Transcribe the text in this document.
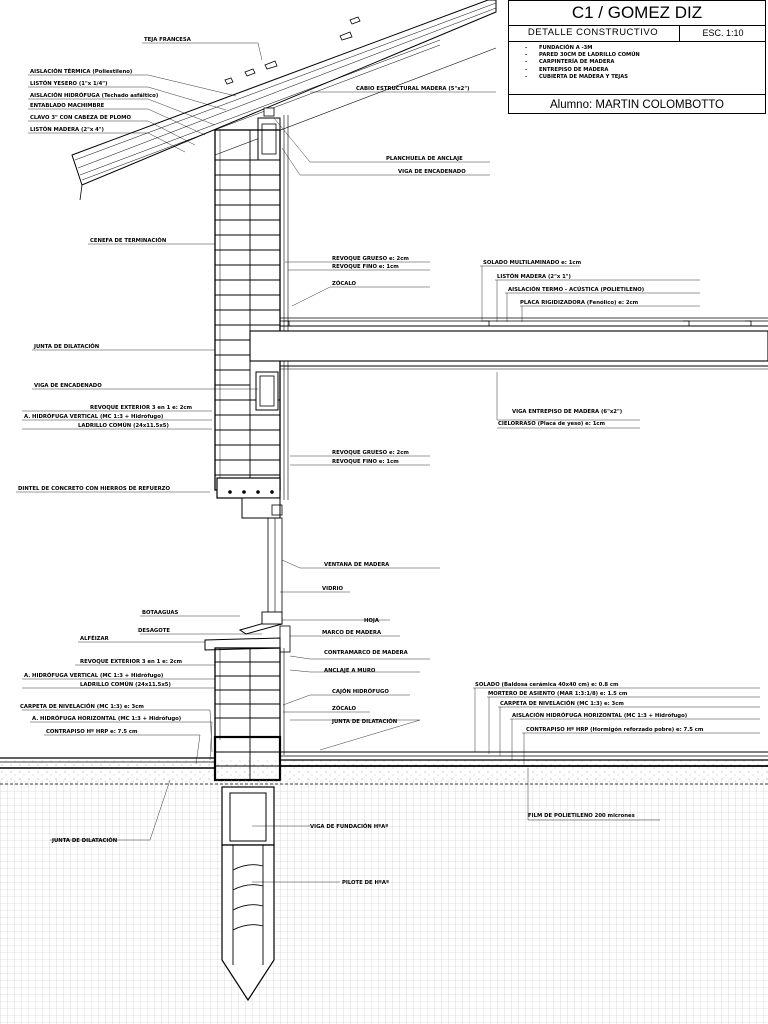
TEJA FRANCESA
AISLACIÓN TÉRMICA (Poliestileno)
LISTÓN YESERO (1"x 1/4")
AISLACIÓN HIDRÓFUGA (Techado asfáltico)
ENTABLADO MACHIMBRE
CLAVO 3" CON CABEZA DE PLOMO
LISTÓN MADERA (2"x 4")
CABIO ESTRUCTURAL MADERA (5"x2")
PLANCHUELA DE ANCLAJE
VIGA DE ENCADENADO
CENEFA DE TERMINACIÓN
REVOQUE GRUESO e: 2cm
REVOQUE FINO e: 1cm
ZÓCALO
SOLADO MULTILAMINADO e: 1cm
LISTÓN MADERA (2"x 1")
AISLACIÓN TERMO - ACÚSTICA (POLIETILENO)
PLACA RIGIDIZADORA (Fenólico) e: 2cm
JUNTA DE DILATACIÓN
VIGA DE ENCADENADO
REVOQUE EXTERIOR 3 en 1 e: 2cm
A. HIDRÓFUGA VERTICAL (MC 1:3 + Hidrófugo)
LADRILLO COMÚN (24x11.5x5)
VIGA ENTREPISO DE MADERA (6"x2")
CIELORRASO (Placa de yeso) e: 1cm
REVOQUE GRUESO e: 2cm
REVOQUE FINO e: 1cm
DINTEL DE CONCRETO CON HIERROS DE REFUERZO
VENTANA DE MADERA
VIDRIO
BOTAAGUAS
HOJA
DESAGOTE	MARCO DE MADERA
ALFÉIZAR
CONTRAMARCO DE MADERA
REVOQUE EXTERIOR 3 en 1 e: 2cm
ANCLAJE A MURO
A. HIDRÓFUGA VERTICAL (MC 1:3 + Hidrófugo)
LADRILLO COMÚN (24x11.5x5)
CAJÓN HIDRÓFUGO
SOLADO (Baldosa cerámica 40x40 cm) e: 0.8 cm
MORTERO DE ASIENTO (MAR 1:3:1/8) e: 1.5 cm
CARPETA DE NIVELACIÓN (MC 1:3) e: 3cm
AISLACIÓN HIDRÓFUGA HORIZONTAL (MC 1:3 + Hidrófugo)
CONTRAPISO Hº HRP (Hormigón reforzado pobre) e: 7.5 cm
CARPETA DE NIVELACIÓN (MC 1:3) e: 3cm	ZÓCALO
A. HIDRÓFUGA HORIZONTAL (MC 1:3 + Hidrófugo)	JUNTA DE DILATACIÓN
CONTRAPISO Hº HRP e: 7.5 cm
FILM DE POLIETILENO 200 micrones
JUNTA DE DILATACIÓN
VIGA DE FUNDACIÓN HºAº
PILOTE DE HºAº
C1 / GOMEZ DIZ
DETALLE CONSTRUCTIVO	ESC. 1:10
- FUNDACIÓN A -3M
- PARED 30CM DE LADRILLO COMÚN
- CARPINTERÍA DE MADERA
- ENTREPISO DE MADERA
- CUBIERTA DE MADERA Y TEJAS
Alumno: MARTIN COLOMBOTTO
